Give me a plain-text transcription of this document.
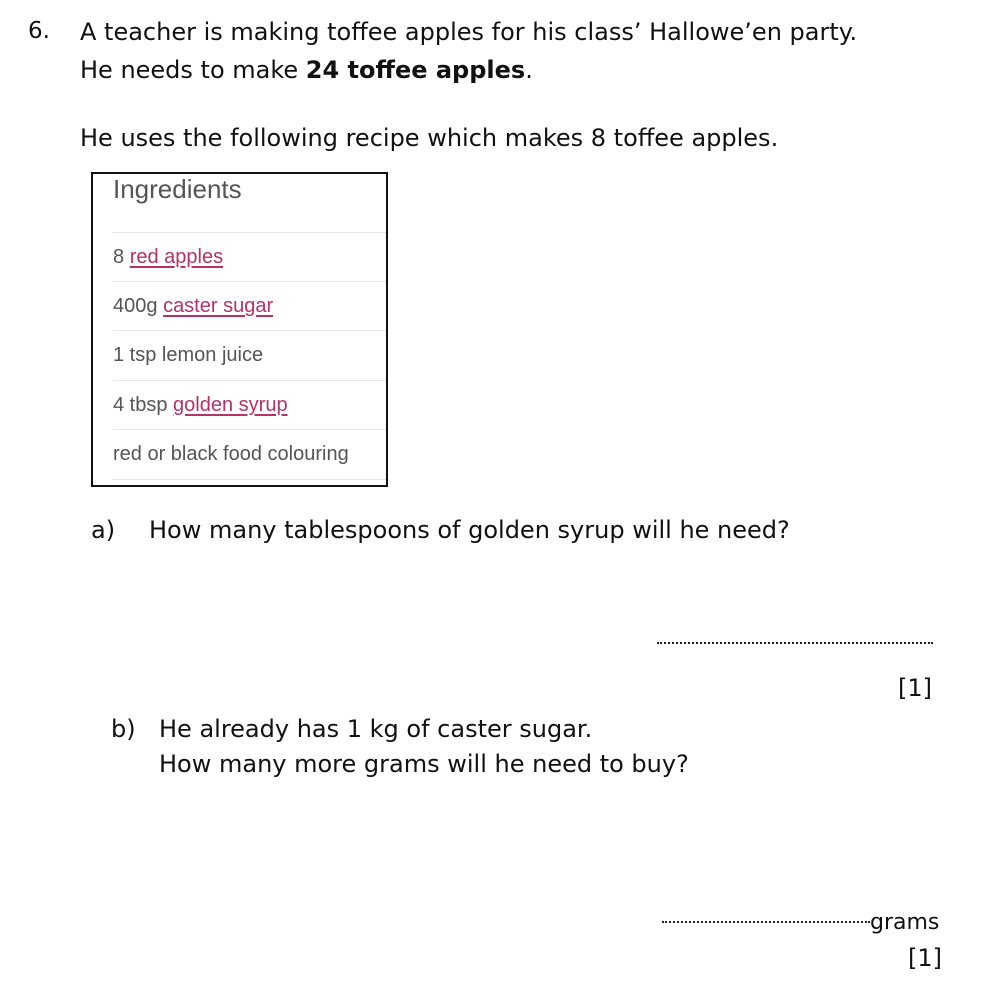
6. A teacher is making toffee apples for his class’ Hallowe’en party.
He needs to make 24 toffee apples.
He uses the following recipe which makes 8 toffee apples.
Ingredients
8 red apples
400g caster sugar
1 tsp lemon juice
4 tbsp golden syrup
red or black food colouring
a) How many tablespoons of golden syrup will he need?
[1]
b) He already has 1 kg of caster sugar.
How many more grams will he need to buy?
grams
[1]
